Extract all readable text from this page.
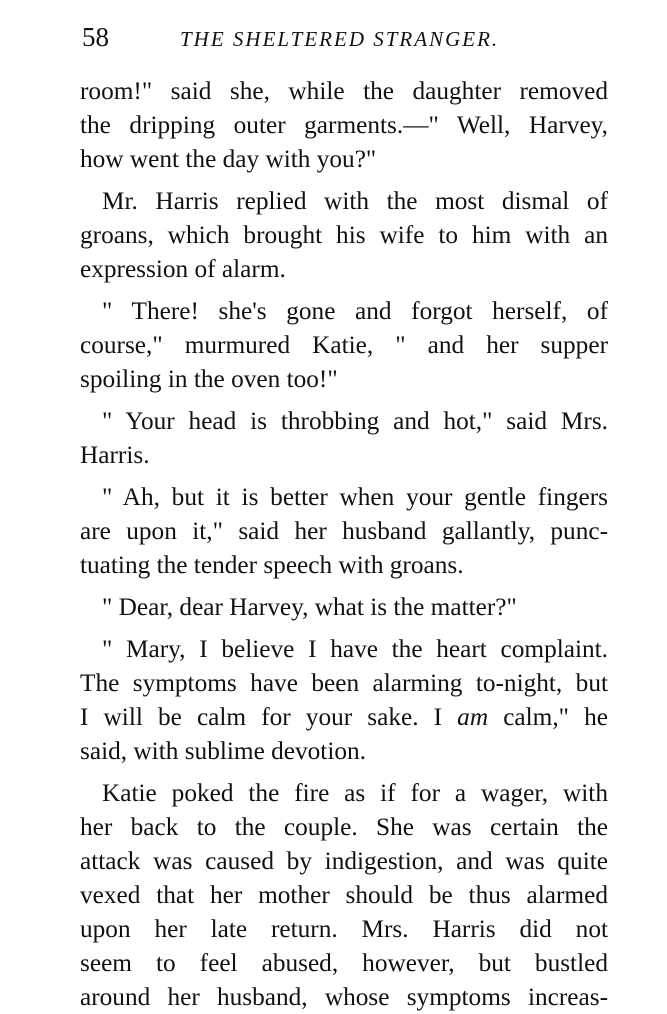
58	THE SHELTERED STRANGER.
room!" said she, while the daughter removed
the dripping outer garments.—" Well, Harvey,
how went the day with you?"
Mr. Harris replied with the most dismal of
groans, which brought his wife to him with an
expression of alarm.
" There! she's gone and forgot herself, of
course," murmured Katie, " and her supper
spoiling in the oven too!"
" Your head is throbbing and hot," said Mrs.
Harris.
" Ah, but it is better when your gentle fingers
are upon it," said her husband gallantly, punc-
tuating the tender speech with groans.
" Dear, dear Harvey, what is the matter?"
" Mary, I believe I have the heart complaint.
The symptoms have been alarming to-night, but
I will be calm for your sake. I am calm," he
said, with sublime devotion.
Katie poked the fire as if for a wager, with
her back to the couple. She was certain the
attack was caused by indigestion, and was quite
vexed that her mother should be thus alarmed
upon her late return. Mrs. Harris did not
seem to feel abused, however, but bustled
around her husband, whose symptoms increas-
